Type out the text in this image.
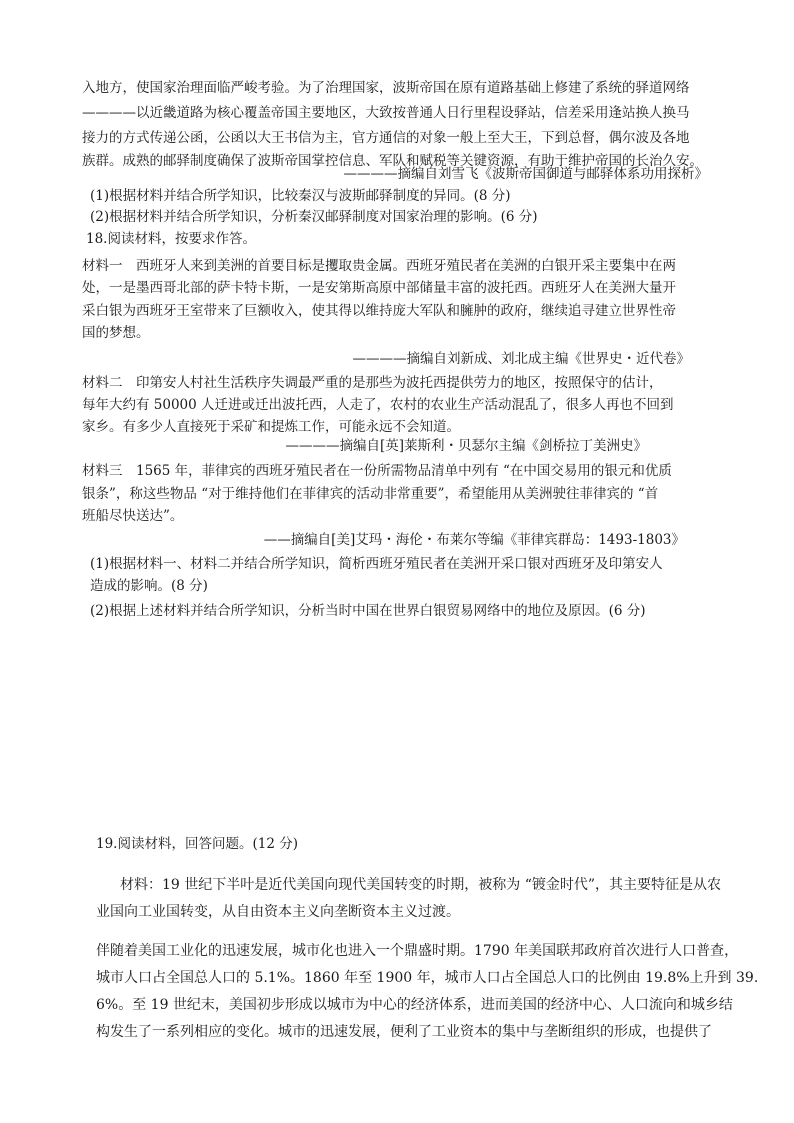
入地方，使国家治理面临严峻考验。为了治理国家，波斯帝国在原有道路基础上修建了系统的驿道网络
————以近畿道路为核心覆盖帝国主要地区，大致按普通人日行里程设驿站，信差采用逢站换人换马
接力的方式传递公函，公函以大王书信为主，官方通信的对象一般上至大王，下到总督，偶尔波及各地
族群。成熟的邮驿制度确保了波斯帝国掌控信息、军队和赋税等关键资源，有助于维护帝国的长治久安。
————摘编自刘雪飞《波斯帝国御道与邮驿体系功用探析》
(1)根据材料并结合所学知识，比较秦汉与波斯邮驿制度的异同。(8 分)
(2)根据材料并结合所学知识，分析秦汉邮驿制度对国家治理的影响。(6 分)
18.阅读材料，按要求作答。
材料一　西班牙人来到美洲的首要目标是攫取贵金属。西班牙殖民者在美洲的白银开采主要集中在两
处，一是墨西哥北部的萨卡特卡斯，一是安第斯高原中部储量丰富的波托西。西班牙人在美洲大量开
采白银为西班牙王室带来了巨额收入，使其得以维持庞大军队和臃肿的政府，继续追寻建立世界性帝
国的梦想。
————摘编自刘新成、刘北成主编《世界史・近代卷》
材料二　印第安人村社生活秩序失调最严重的是那些为波托西提供劳力的地区，按照保守的估计，
每年大约有 50000 人迁进或迁出波托西，人走了，农村的农业生产活动混乱了，很多人再也不回到
家乡。有多少人直接死于采矿和提炼工作，可能永远不会知道。
————摘编自[英]莱斯利・贝瑟尔主编《剑桥拉丁美洲史》
材料三　1565 年，菲律宾的西班牙殖民者在一份所需物品清单中列有 “在中国交易用的银元和优质
银条”，称这些物品 “对于维持他们在菲律宾的活动非常重要”，希望能用从美洲驶往菲律宾的 “首
班船尽快送达”。
——摘编自[美]艾玛・海伦・布莱尔等编《菲律宾群岛：1493-1803》
(1)根据材料一、材料二并结合所学知识，简析西班牙殖民者在美洲开采口银对西班牙及印第安人
造成的影响。(8 分)
(2)根据上述材料并结合所学知识，分析当时中国在世界白银贸易网络中的地位及原因。(6 分)
19.阅读材料，回答问题。(12 分)
材料：19 世纪下半叶是近代美国向现代美国转变的时期，被称为 “镀金时代”，其主要特征是从农
业国向工业国转变，从自由资本主义向垄断资本主义过渡。
伴随着美国工业化的迅速发展，城市化也进入一个鼎盛时期。1790 年美国联邦政府首次进行人口普查，
城市人口占全国总人口的 5.1%。1860 年至 1900 年，城市人口占全国总人口的比例由 19.8%上升到 39.
6%。至 19 世纪末，美国初步形成以城市为中心的经济体系，进而美国的经济中心、人口流向和城乡结
构发生了一系列相应的变化。城市的迅速发展，便利了工业资本的集中与垄断组织的形成，也提供了
